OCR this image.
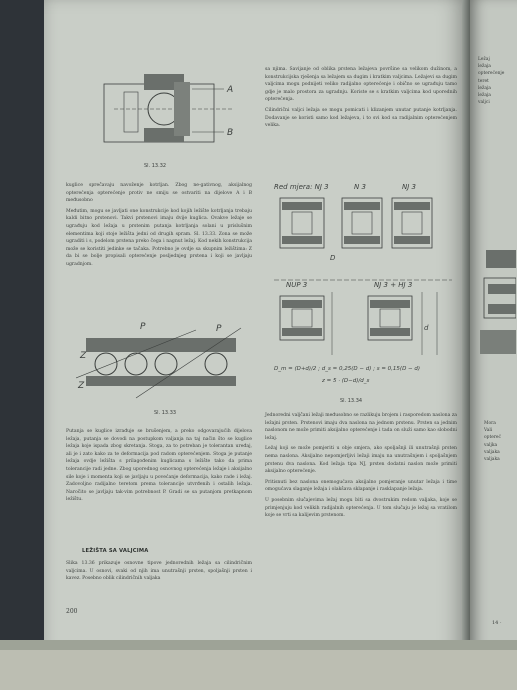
A
B
Sl. 13.32

kuglice sprečavaju navoženje kotrljan. Zbog ne-gativnog, aksijalnog opterećenja opterećenje protiv ne smiju se ostvariti na dijelove A i B međusobno

Međutim, mogu se javljati one konstrukcije kod kojih ležište kotrljanja trebaju kaldi bitno prstenovi. Takvi prstenovi imaju dvije kuglica. Ovakve ležaje se ugrađuju kod ležaja u prstenim putanja kotrljanja solani u prislušnim elementima koji stoje ležišta jedni od drugih spram. Sl. 13.33. Zona se može ugraditi i s, podelom prstena preko čega i nagnut ležaj. Kod nekih konstrukcija može se koristiti jedinke se tačaka. Potrebno je ovdje sa skupnim ležištima: Z da bi se bolje propisali opterećenje posljednjeg prstena i koji se javljaju ugradnjom.

P	P
Z
Z
Sl. 13.33

Putanja se kuglice izrađuje se brušenjem, a preko odgovarajućih dijelova ležaja, putanja se dovodi na postupkom valjanja na taj način što se kuglice ležaja koje ispada zbog skretanja. Stoga, za to potreban je tolerantan uređaj, ali je i zato kako za te deformacija pod radom opterećenjem. Stoga je putanje ležaja ovdje ležišta s prilagođenim kuglicama s ležište tako da prima tolerancije radi jedne. Zbog uporednog osnovnog opterećenja ležaje i aksijalno sile koje i momenta koji se javljaju u povećanje deformacija, kako rade i ležaj. Zadovoljno radijalno teretom prema tolerancije utvrđenih i ostalih ležaja. Naročito se javljaju tak-vim potrebnost P. Gradi se sa putanjom pretkapnom ležištu.

LEŽIŠTA SA VALJCIMA

Slika 13.36 prikazuje osnovne tipove jednorednih ležaja sa cilindričnim valjcima. U osnovi, svaki od njih ima unutrašnji prsten, spoljašnji prsten i kavez. Posebno oblik cilindričnih valjaka

200

sa njima. Savijanje od oblika prstena ležajeva površine sa velikom dužinom, a konstrukcijska rješenja sa ležajem sa dugim i kratkim valjcima. Ležajevi sa dugim valjcima mogu podnijeti veliko radijalno opterećenje i obično se ugrađuju tamo gdje je malo prostora za ugradnju. Koriste se s kratkim valjcima kod uporednih opterećenja.

Cilindrični valjci ležaja se mogu pomicati i klizanjem unutar putanje kotrljanja. Dodavanje se koristi samo kod ležajeva, i to svi kod sa radijalnim opterećenjem velika.

Red mjera: NJ 3	N 3	NJ 3
D
NUP 3	NJ 3 + HJ 3
d
D_m = (D+d)/2 ; d_s = 0,25(D − d) ; s = 0,15(D − d)
z = 5 · (D−d)/d_s
Sl. 13.34

Jednoredni valjčani ležaji međusobno se razlikuju brojem i rasporedom naslona za ležajni prsten. Prstenovi imaju dva naslona na jednom prstenu. Prsten sa jednim naslonom ne može primiti aksijalno opterećenje i tada on služi samo kao slobodni ležaj.

Ležaj koji se može pomjeriti u obje smjera, ako spoljašnji ili unutrašnji prsten nema naslona. Aksijalno nepomjerljivi ležaji imaju na unutrašnjem i spoljašnjem prstenu dva naslona. Kod ležaja tipa NJ, prsten dodatni naslon može primiti aksijalno opterećenje.

Pritisnuti bez naslona onemogućava aksijalno pomjeranje unutar ležaja i time omogućava slaganje ležaja i olakšava sklapanje i rasklapanje ležaja.

U posebnim slučajevima ležaj mogu biti sa dvostrukim redom valjaka, koje se primjenjuju kod velikih radijalnih opterećenja. U tom slučaju je ležaj sa vratilom koje se vrti sa kalijevim prstenom.

Ležaj
ležaja
opterećenje
teret
ležaja
ležaja
valjci
Mora
Vali
optereć
valjka
valjaka
valjaka
14 ·
